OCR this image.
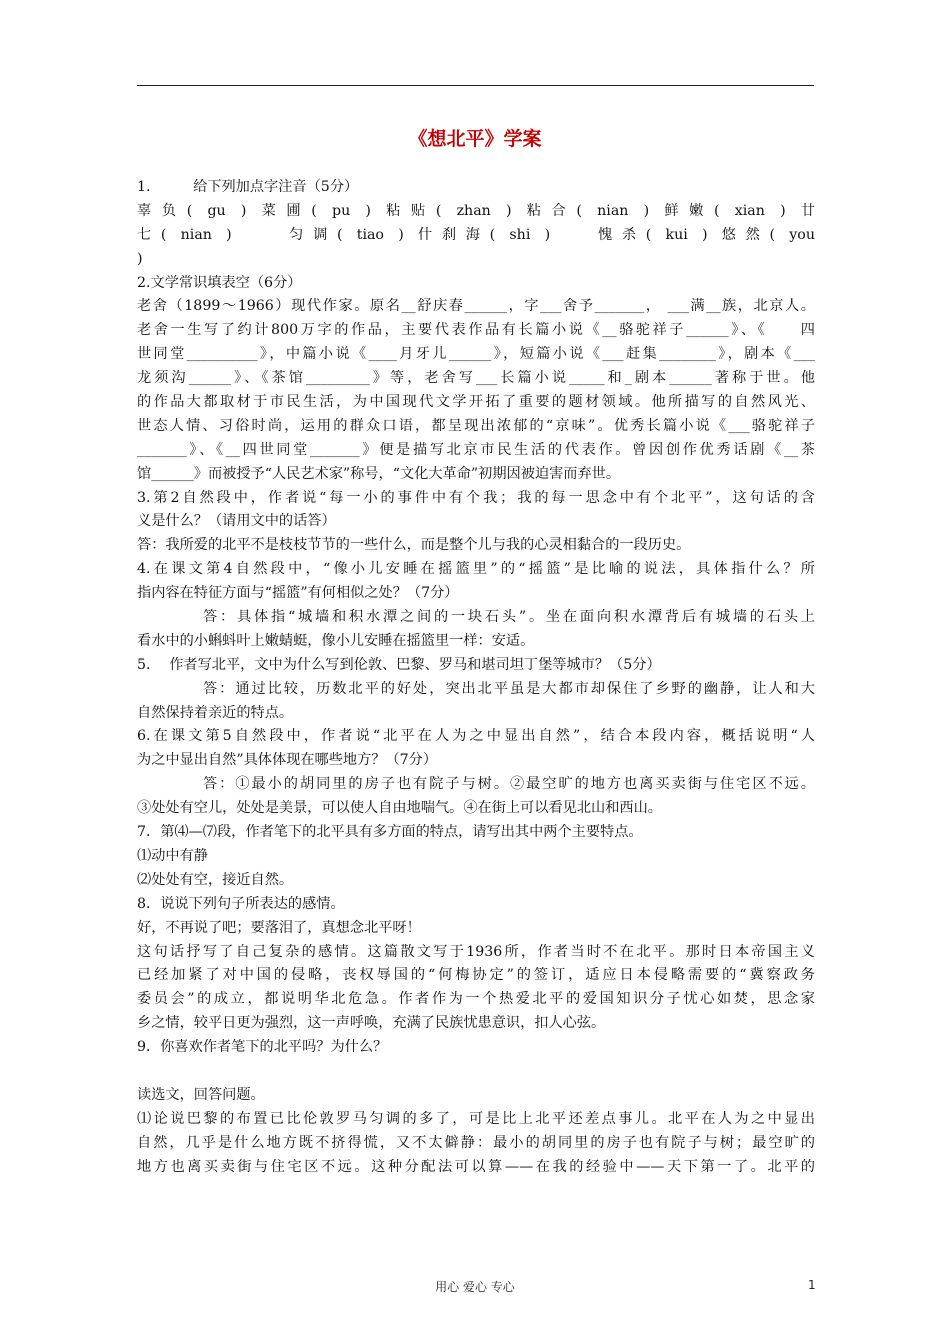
《想北平》学案
1.　　　给下列加点字注音（5分）
辜负( gu ) 菜圃( pu ) 粘贴( zhan ) 粘合( nian ) 鲜嫩( xian ) 廿
七( nian )　　匀调( tiao ) 什刹海( shi )　 愧杀( kui ) 悠然( you
)
2.文学常识填表空（6分）
老舍（1899～1966）现代作家。原名__舒庆春______，字___舍予_______， ___满__族，北京人。
老舍一生写了约计800万字的作品，主要代表作品有长篇小说《__骆驼祥子______》、《　　四
世同堂__________》，中篇小说《____月牙儿______》，短篇小说《___赶集________》，剧本《___
龙须沟______》、《茶馆_________》等，老舍写___长篇小说_____和_剧本______著称于世。他
的作品大都取材于市民生活，为中国现代文学开拓了重要的题材领域。他所描写的自然风光、
世态人情、习俗时尚，运用的群众口语，都呈现出浓郁的“京味”。优秀长篇小说《___骆驼祥子
_______》、《__四世同堂_______》便是描写北京市民生活的代表作。曾因创作优秀话剧《__茶
馆______》而被授予“人民艺术家”称号，“文化大革命”初期因被迫害而弃世。
3.第2自然段中，作者说“每一小的事件中有个我；我的每一思念中有个北平”，这句话的含
义是什么？（请用文中的话答）
答：我所爱的北平不是枝枝节节的一些什么，而是整个儿与我的心灵相黏合的一段历史。
4.在课文第4自然段中，“像小儿安睡在摇篮里”的“摇篮”是比喻的说法，具体指什么？所
指内容在特征方面与“摇篮”有何相似之处？（7分）
答：具体指“城墙和积水潭之间的一块石头”。坐在面向积水潭背后有城墙的石头上
看水中的小蝌蚪叶上嫩蜻蜓，像小儿安睡在摇篮里一样：安适。
5.　 作者写北平，文中为什么写到伦敦、巴黎、罗马和堪司坦丁堡等城市？（5分）
答：通过比较，历数北平的好处，突出北平虽是大都市却保住了乡野的幽静，让人和大
自然保持着亲近的特点。
6.在课文第5自然段中，作者说“北平在人为之中显出自然”，结合本段内容，概括说明“人
为之中显出自然”具体体现在哪些地方？（7分）
答：①最小的胡同里的房子也有院子与树。②最空旷的地方也离买卖街与住宅区不远。
③处处有空儿，处处是美景，可以使人自由地喘气。④在街上可以看见北山和西山。
7．第⑷—⑺段，作者笔下的北平具有多方面的特点，请写出其中两个主要特点。
⑴动中有静
⑵处处有空，接近自然。
8．说说下列句子所表达的感情。
好，不再说了吧；要落泪了，真想念北平呀！
这句话抒写了自己复杂的感情。这篇散文写于1936所，作者当时不在北平。那时日本帝国主义
已经加紧了对中国的侵略，丧权辱国的“何梅协定”的签订，适应日本侵略需要的“冀察政务
委员会”的成立，都说明华北危急。作者作为一个热爱北平的爱国知识分子忧心如焚，思念家
乡之情，较平日更为强烈，这一声呼唤，充满了民族忧患意识，扣人心弦。
9．你喜欢作者笔下的北平吗？为什么？
读选文，回答问题。
⑴论说巴黎的布置已比伦敦罗马匀调的多了，可是比上北平还差点事儿。北平在人为之中显出
自然，几乎是什么地方既不挤得慌，又不太僻静：最小的胡同里的房子也有院子与树；最空旷的
地方也离买卖街与住宅区不远。这种分配法可以算——在我的经验中——天下第一了。北平的
用心 爱心 专心	1
